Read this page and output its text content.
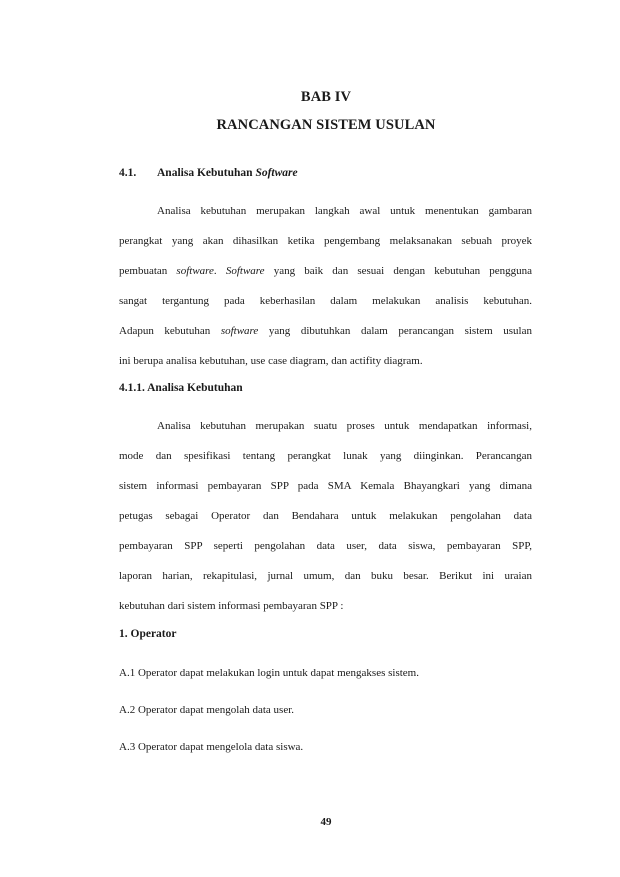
BAB IV
RANCANGAN SISTEM USULAN
4.1. Analisa Kebutuhan Software
Analisa kebutuhan merupakan langkah awal untuk menentukan gambaran
perangkat yang akan dihasilkan ketika pengembang melaksanakan sebuah proyek
pembuatan software. Software yang baik dan sesuai dengan kebutuhan pengguna
sangat tergantung pada keberhasilan dalam melakukan analisis kebutuhan.
Adapun kebutuhan software yang dibutuhkan dalam perancangan sistem usulan
ini berupa analisa kebutuhan, use case diagram, dan actifity diagram.
4.1.1. Analisa Kebutuhan
Analisa kebutuhan merupakan suatu proses untuk mendapatkan informasi,
mode dan spesifikasi tentang perangkat lunak yang diinginkan. Perancangan
sistem informasi pembayaran SPP pada SMA Kemala Bhayangkari yang dimana
petugas sebagai Operator dan Bendahara untuk melakukan pengolahan data
pembayaran SPP seperti pengolahan data user, data siswa, pembayaran SPP,
laporan harian, rekapitulasi, jurnal umum, dan buku besar. Berikut ini uraian
kebutuhan dari sistem informasi pembayaran SPP :
1. Operator
A.1 Operator dapat melakukan login untuk dapat mengakses sistem.
A.2 Operator dapat mengolah data user.
A.3 Operator dapat mengelola data siswa.
49
